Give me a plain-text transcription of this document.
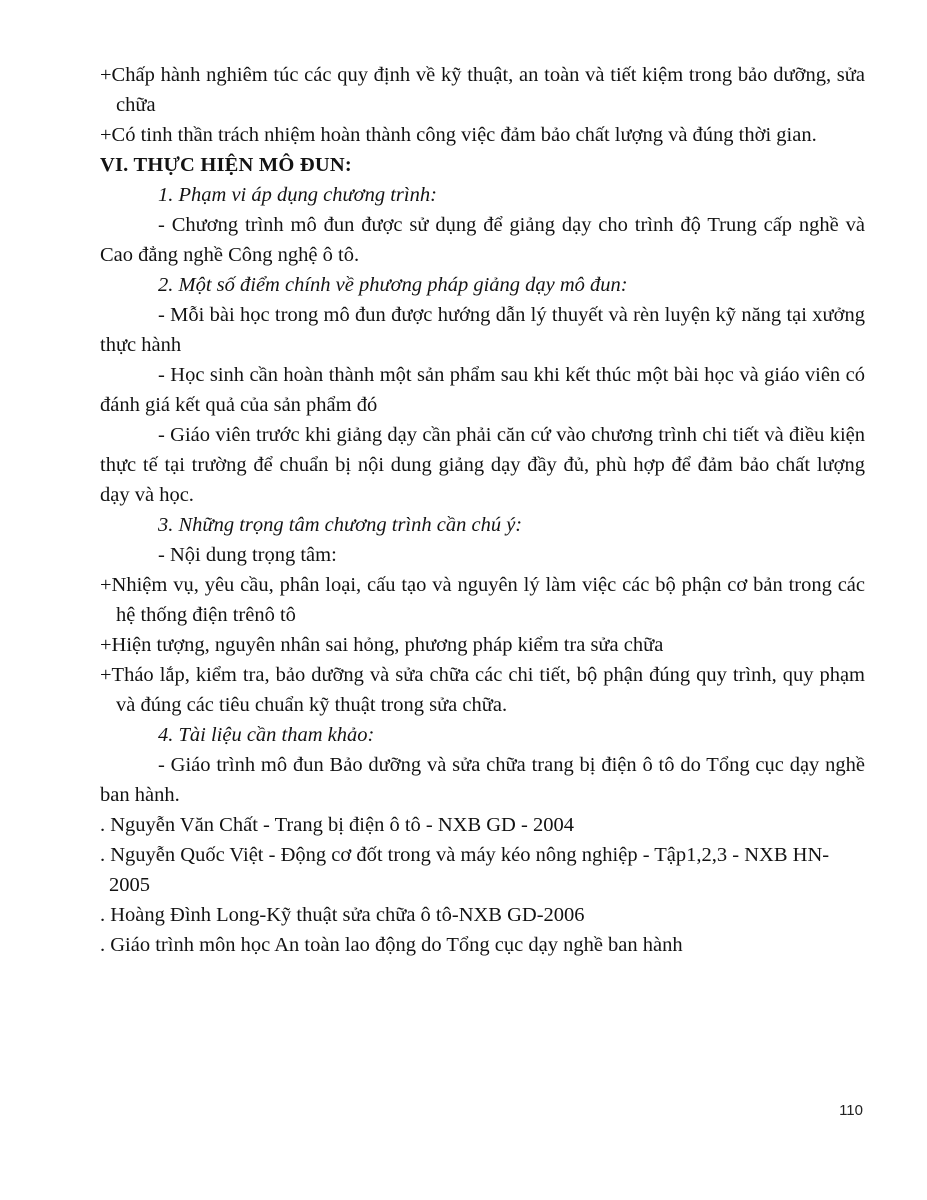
+Chấp hành nghiêm túc các quy định về kỹ thuật, an toàn và tiết kiệm trong bảo dưỡng, sửa chữa

+Có tinh thần trách nhiệm hoàn thành công việc đảm bảo chất lượng và đúng thời gian.

VI. THỰC HIỆN MÔ ĐUN:

1. Phạm vi áp dụng chương trình:

- Chương trình mô đun được sử dụng để giảng dạy cho trình độ Trung cấp nghề và Cao đẳng nghề Công nghệ ô tô.

2. Một số điểm chính về phương pháp giảng dạy mô đun:

- Mỗi bài học trong mô đun được hướng dẫn lý thuyết và rèn luyện kỹ năng tại xưởng thực hành

- Học sinh cần hoàn thành một sản phẩm sau khi kết thúc một bài học và giáo viên có đánh giá kết quả của sản phẩm đó

- Giáo viên trước khi giảng dạy cần phải căn cứ vào chương trình chi tiết và điều kiện thực tế tại trường để chuẩn bị nội dung giảng dạy đầy đủ, phù hợp để đảm bảo chất lượng dạy và học.

3. Những trọng tâm chương trình cần chú ý:

- Nội dung trọng tâm:

+Nhiệm vụ, yêu cầu, phân loại, cấu tạo và nguyên lý làm việc các bộ phận cơ bản trong các hệ thống điện trênô tô

+Hiện tượng, nguyên nhân sai hỏng, phương pháp kiểm tra sửa chữa

+Tháo lắp, kiểm tra, bảo dưỡng và sửa chữa các chi tiết, bộ phận đúng quy trình, quy phạm và đúng các tiêu chuẩn kỹ thuật trong sửa chữa.

4. Tài liệu cần tham khảo:

- Giáo trình mô đun Bảo dưỡng và sửa chữa trang bị điện ô tô do Tổng cục dạy nghề ban hành.

. Nguyễn Văn Chất - Trang bị điện ô tô - NXB GD - 2004

. Nguyễn Quốc Việt - Động cơ đốt trong và máy kéo nông nghiệp - Tập1,2,3 - NXB HN-2005

. Hoàng Đình Long-Kỹ thuật sửa chữa ô tô-NXB GD-2006

. Giáo trình môn học An toàn lao động do Tổng cục dạy nghề ban hành

110
